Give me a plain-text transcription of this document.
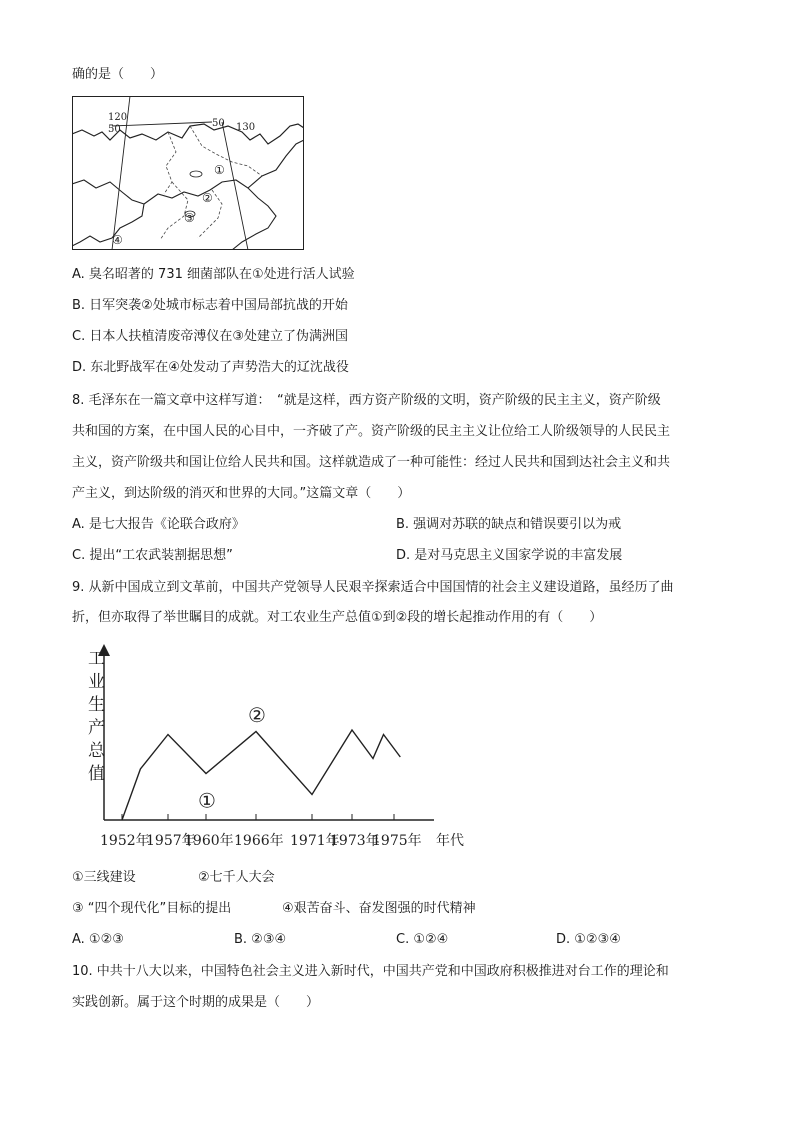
确的是（　　）
120
50
50 130
①
②
③
④
A. 臭名昭著的 731 细菌部队在①处进行活人试验
B. 日军突袭②处城市标志着中国局部抗战的开始
C. 日本人扶植清废帝溥仪在③处建立了伪满洲国
D. 东北野战军在④处发动了声势浩大的辽沈战役
8. 毛泽东在一篇文章中这样写道：　“就是这样，西方资产阶级的文明，资产阶级的民主主义，资产阶级
共和国的方案，在中国人民的心目中，一齐破了产。资产阶级的民主主义让位给工人阶级领导的人民民主
主义，资产阶级共和国让位给人民共和国。这样就造成了一种可能性：经过人民共和国到达社会主义和共
产主义，到达阶级的消灭和世界的大同。”这篇文章（　　）
A. 是七大报告《论联合政府》	B. 强调对苏联的缺点和错误要引以为戒
C. 提出“工农武装割据思想”	D. 是对马克思主义国家学说的丰富发展
9. 从新中国成立到文革前，中国共产党领导人民艰辛探索适合中国国情的社会主义建设道路，虽经历了曲
折，但亦取得了举世瞩目的成就。对工农业生产总值①到②段的增长起推动作用的有（　　）
工
业
生
产
总
值
1952年
1957年
1960年 1966年 1971年
1973年
1975年
①
②
年代
①三线建设	②七千人大会
③ “四个现代化”目标的提出	④艰苦奋斗、奋发图强的时代精神
A. ①②③	B. ②③④	C. ①②④	D. ①②③④
10. 中共十八大以来，中国特色社会主义进入新时代，中国共产党和中国政府积极推进对台工作的理论和
实践创新。属于这个时期的成果是（　　）
